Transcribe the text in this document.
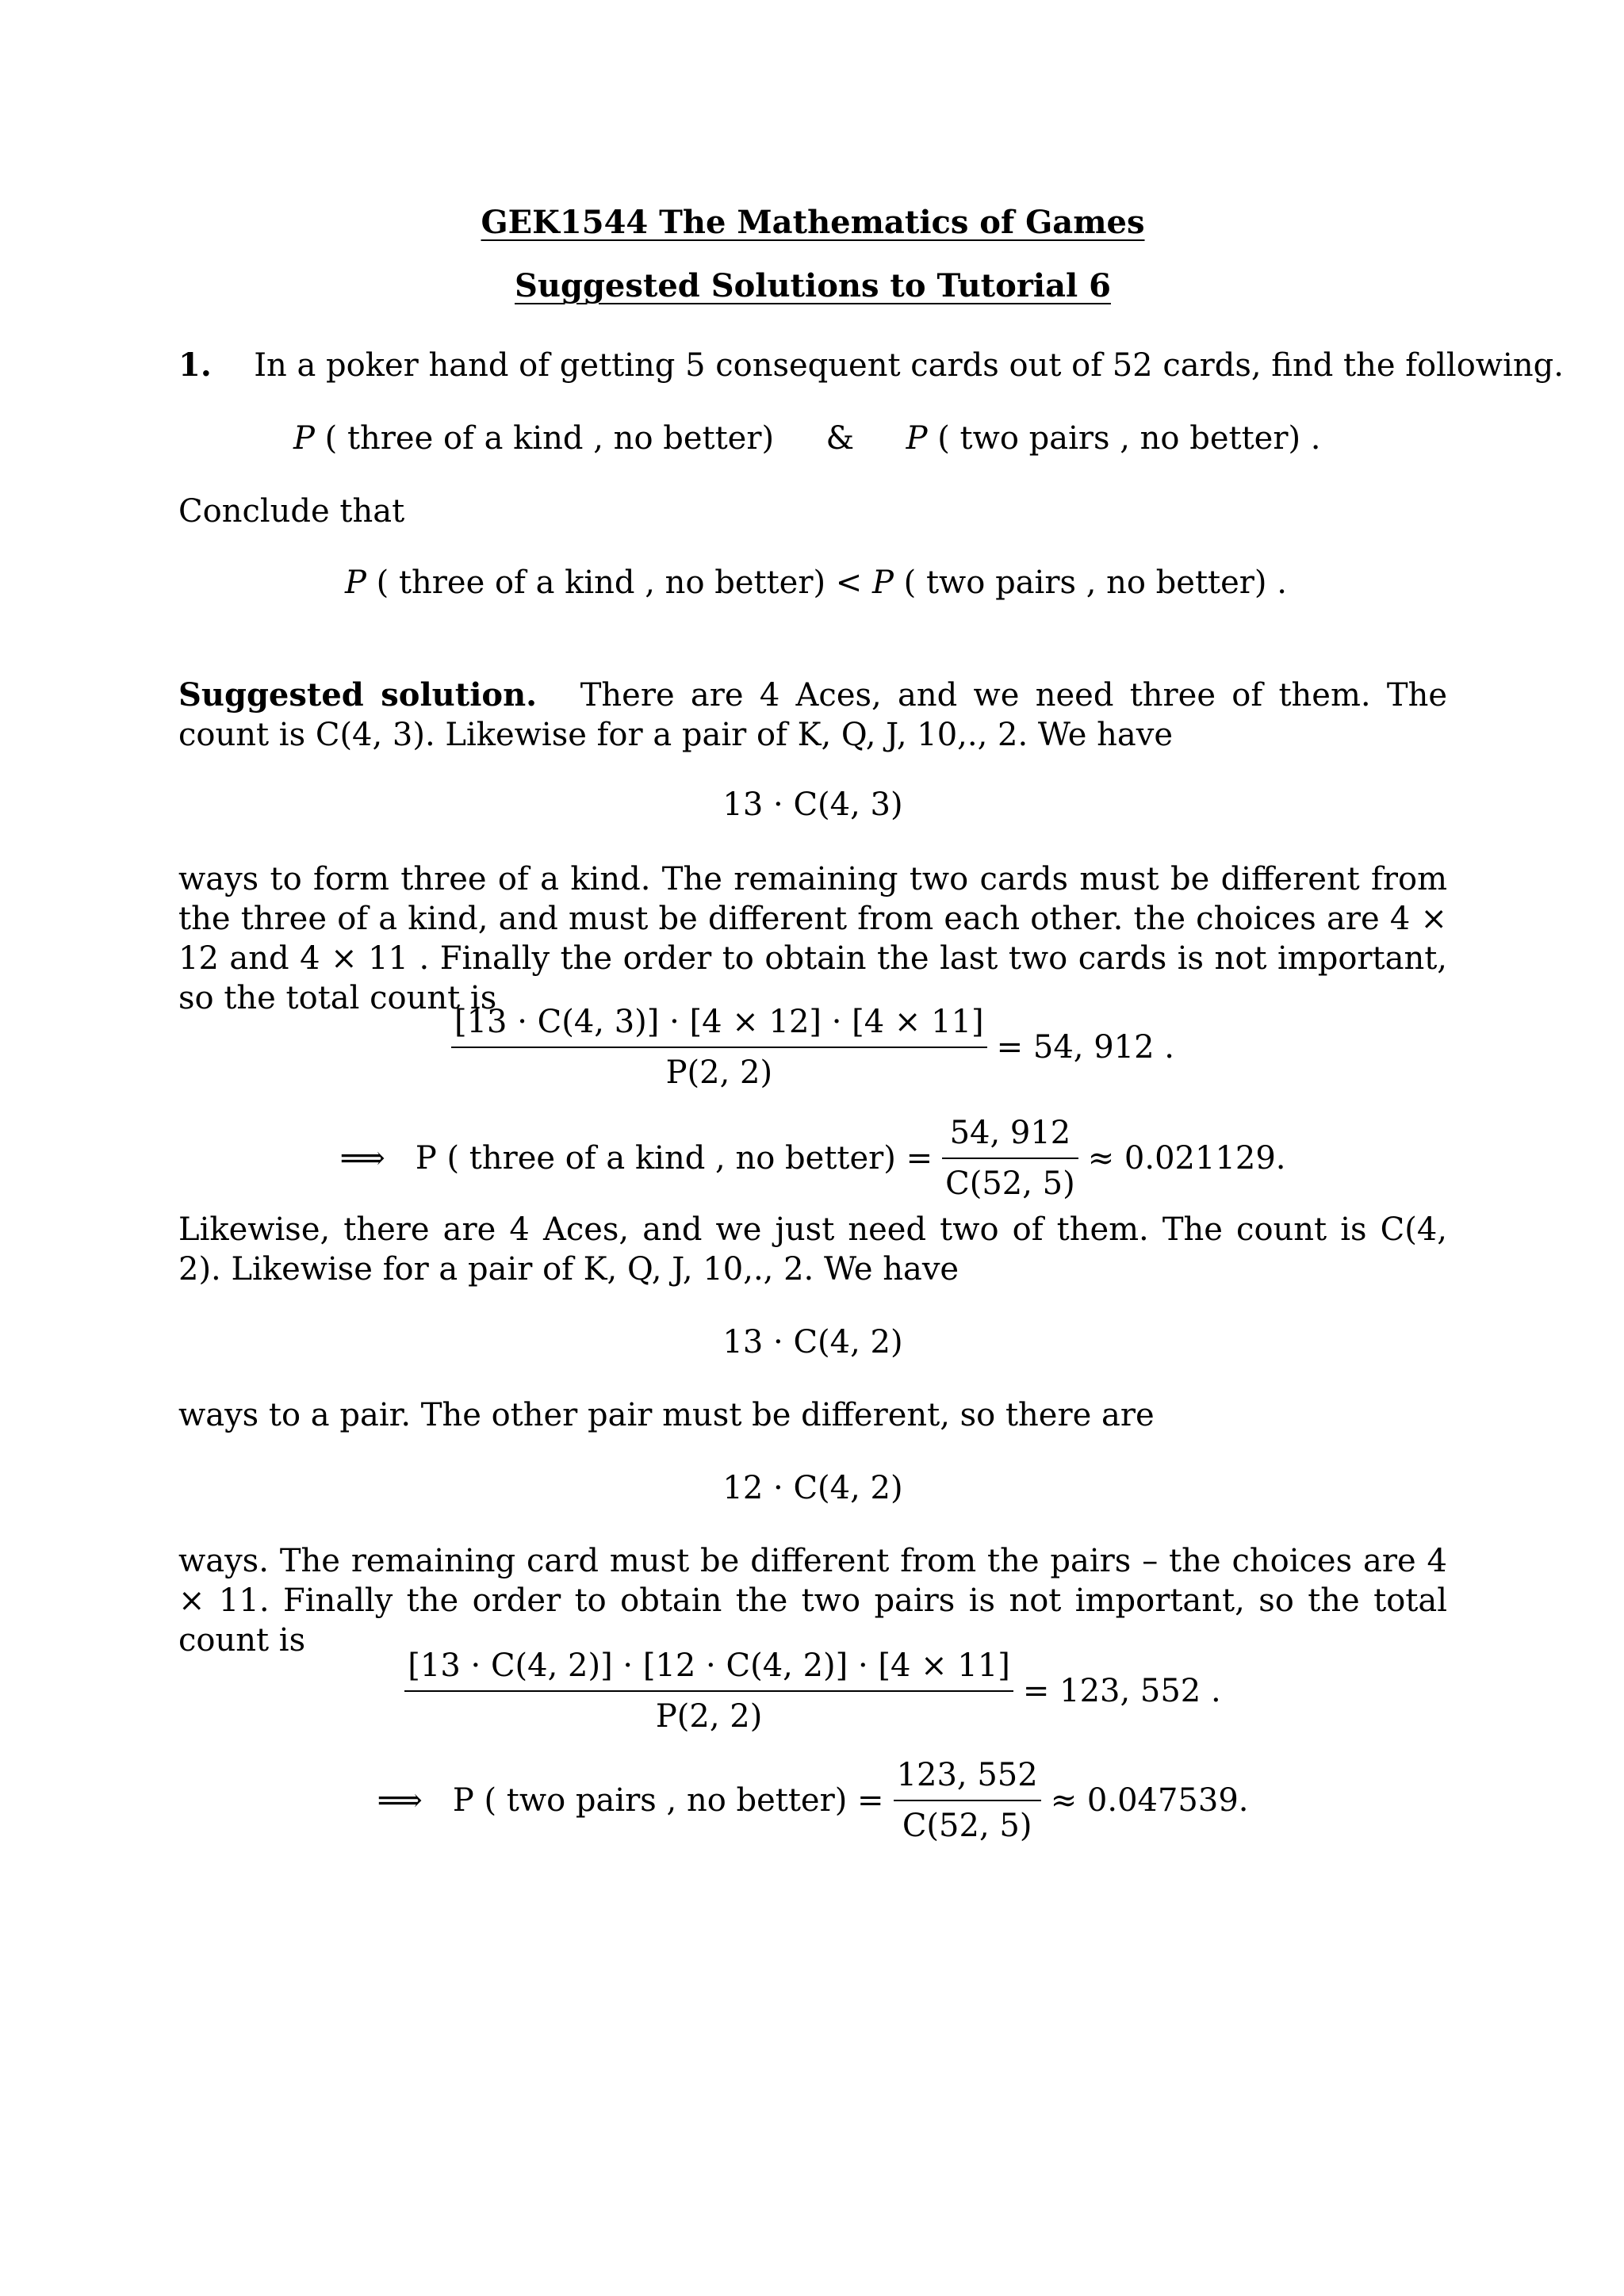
GEK1544 The Mathematics of Games
Suggested Solutions to Tutorial 6
1. In a poker hand of getting 5 consequent cards out of 52 cards, find the following.
P ( three of a kind , no better) & P ( two pairs , no better) .
Conclude that
P ( three of a kind , no better) < P ( two pairs , no better) .
Suggested solution. There are 4 Aces, and we need three of them. The count is C(4, 3). Likewise for a pair of K, Q, J, 10,., 2. We have
13 · C(4, 3)
ways to form three of a kind. The remaining two cards must be different from the three of a kind, and must be different from each other. the choices are 4 × 12 and 4 × 11 . Finally the order to obtain the last two cards is not important, so the total count is
$\frac{[13 \cdot C(4, 3)] \cdot [4 \times 12] \cdot [4 \times 11]}{P(2, 2)} = 54$, 912 .
⟹ P ( three of a kind , no better) = $\frac{54, 912}{C(52, 5)} \approx 0.021129$.
Likewise, there are 4 Aces, and we just need two of them. The count is C(4, 2). Likewise for a pair of K, Q, J, 10,., 2. We have
13 · C(4, 2)
ways to a pair. The other pair must be different, so there are
12 · C(4, 2)
ways. The remaining card must be different from the pairs – the choices are 4 × 11. Finally the order to obtain the two pairs is not important, so the total count is
$\frac{[13 \cdot C(4, 2)] \cdot [12 \cdot C(4, 2)] \cdot [4 \times 11]}{P(2, 2)} = 123$, 552 .
⟹ P ( two pairs , no better) = $\frac{123, 552}{C(52, 5)} \approx 0.047539$.
